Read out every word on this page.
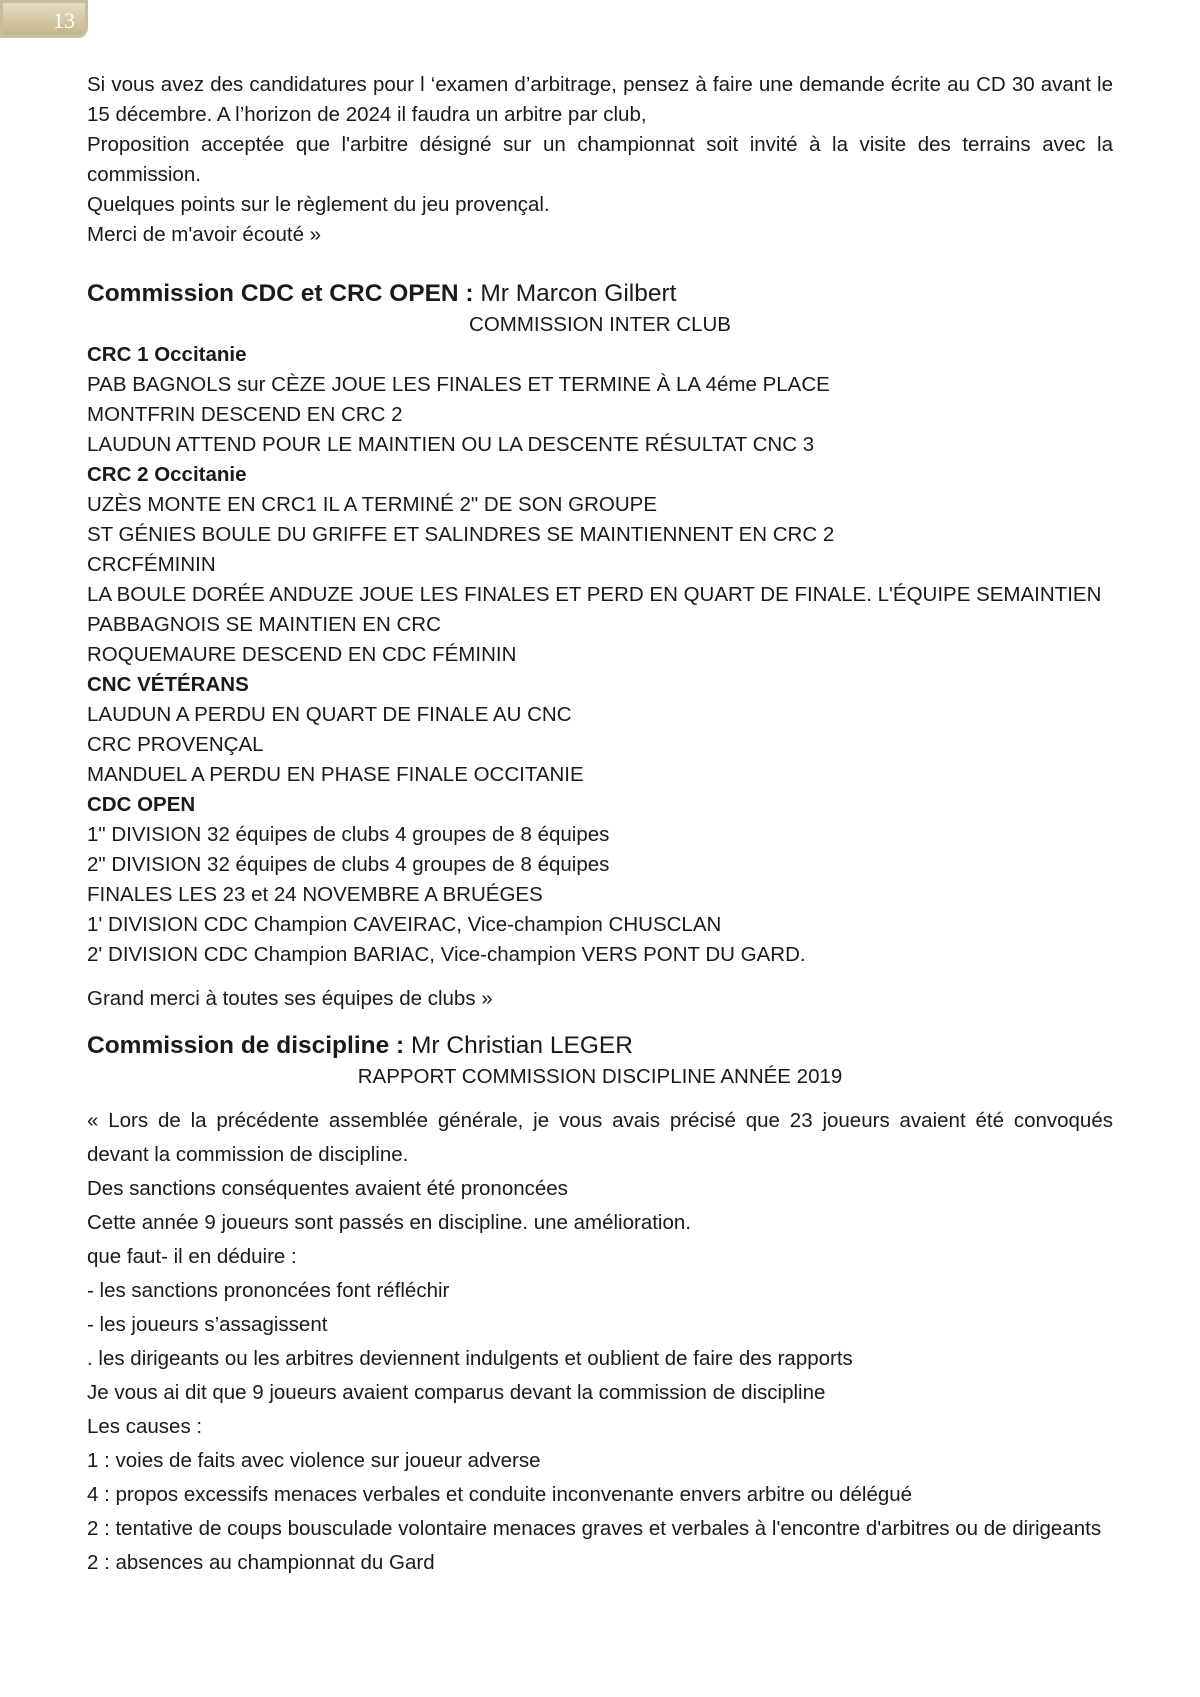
13

Si vous avez des candidatures pour l ‘examen d’arbitrage, pensez à faire une demande écrite au CD 30 avant le 15 décembre. A l’horizon de 2024 il faudra un arbitre par club,

Proposition acceptée que l'arbitre désigné sur un championnat soit invité à la visite des terrains avec la commission.

Quelques points sur le règlement du jeu provençal.

Merci de m'avoir écouté »

Commission CDC et CRC OPEN : Mr Marcon Gilbert

COMMISSION INTER CLUB

CRC 1 Occitanie

PAB BAGNOLS sur CÈZE JOUE LES FINALES ET TERMINE À LA 4éme PLACE

MONTFRIN DESCEND EN CRC 2

LAUDUN ATTEND POUR LE MAINTIEN OU LA DESCENTE RÉSULTAT CNC 3

CRC 2 Occitanie

UZÈS MONTE EN CRC1 IL A TERMINÉ 2" DE SON GROUPE

ST GÉNIES BOULE DU GRIFFE ET SALINDRES SE MAINTIENNENT EN CRC 2

CRCFÉMININ

LA BOULE DORÉE ANDUZE JOUE LES FINALES ET PERD EN QUART DE FINALE. L'ÉQUIPE SEMAINTIEN

PABBAGNOIS SE MAINTIEN EN CRC

ROQUEMAURE DESCEND EN CDC FÉMININ

CNC VÉTÉRANS

LAUDUN A PERDU EN QUART DE FINALE AU CNC

CRC PROVENÇAL

MANDUEL A PERDU EN PHASE FINALE OCCITANIE

CDC OPEN

1" DIVISION 32 équipes de clubs 4 groupes de 8 équipes

2" DIVISION 32 équipes de clubs 4 groupes de 8 équipes

FINALES LES 23 et 24 NOVEMBRE A BRUÉGES

1' DIVISION CDC Champion CAVEIRAC, Vice-champion CHUSCLAN

2' DIVISION CDC Champion BARIAC, Vice-champion VERS PONT DU GARD.

Grand merci à toutes ses équipes de clubs »

Commission de discipline : Mr Christian LEGER

RAPPORT COMMISSION DISCIPLINE ANNÉE 2019

« Lors de la précédente assemblée générale, je vous avais précisé que 23 joueurs avaient été convoqués devant la commission de discipline.

Des sanctions conséquentes avaient été prononcées

Cette année 9 joueurs sont passés en discipline. une amélioration.

que faut- il en déduire :

- les sanctions prononcées font réfléchir

- les joueurs s’assagissent

. les dirigeants ou les arbitres deviennent indulgents et oublient de faire des rapports

Je vous ai dit que 9 joueurs avaient comparus devant la commission de discipline

Les causes :

1 : voies de faits avec violence sur joueur adverse

4 : propos excessifs menaces verbales et conduite inconvenante envers arbitre ou délégué

2 : tentative de coups bousculade volontaire menaces graves et verbales à l'encontre d'arbitres ou de dirigeants

2 : absences au championnat du Gard
